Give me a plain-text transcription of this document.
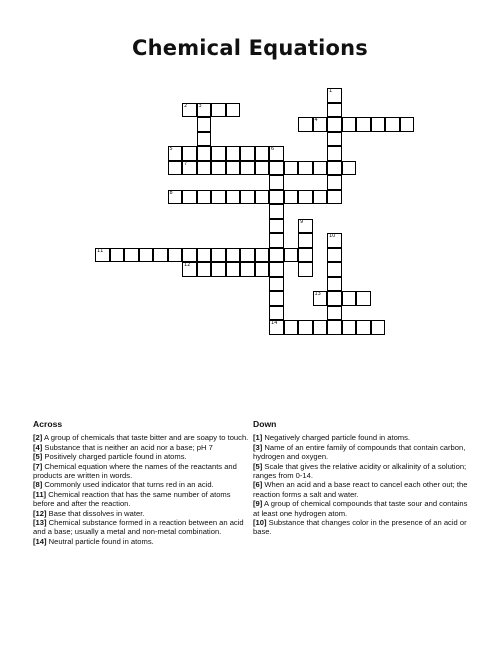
Chemical Equations
2 3
4
1
5	6
14
7
8
9
10
11
12
13
Across

[2] A group of chemicals that taste bitter and are soapy to touch.

[4] Substance that is neither an acid nor a base; pH 7

[5] Positively charged particle found in atoms.

[7] Chemical equation where the names of the reactants and products are written in words.

[8] Commonly used indicator that turns red in an acid.

[11] Chemical reaction that has the same number of atoms before and after the reaction.

[12] Base that dissolves in water.

[13] Chemical substance formed in a reaction between an acid and a base; usually a metal and non-metal combination.

[14] Neutral particle found in atoms.

Down

[1] Negatively charged particle found in atoms.

[3] Name of an entire family of compounds that contain carbon, hydrogen and oxygen.

[5] Scale that gives the relative acidity or alkalinity of a solution; ranges from 0-14.

[6] When an acid and a base react to cancel each other out; the reaction forms a salt and water.

[9] A group of chemical compounds that taste sour and contains at least one hydrogen atom.

[10] Substance that changes color in the presence of an acid or base.
